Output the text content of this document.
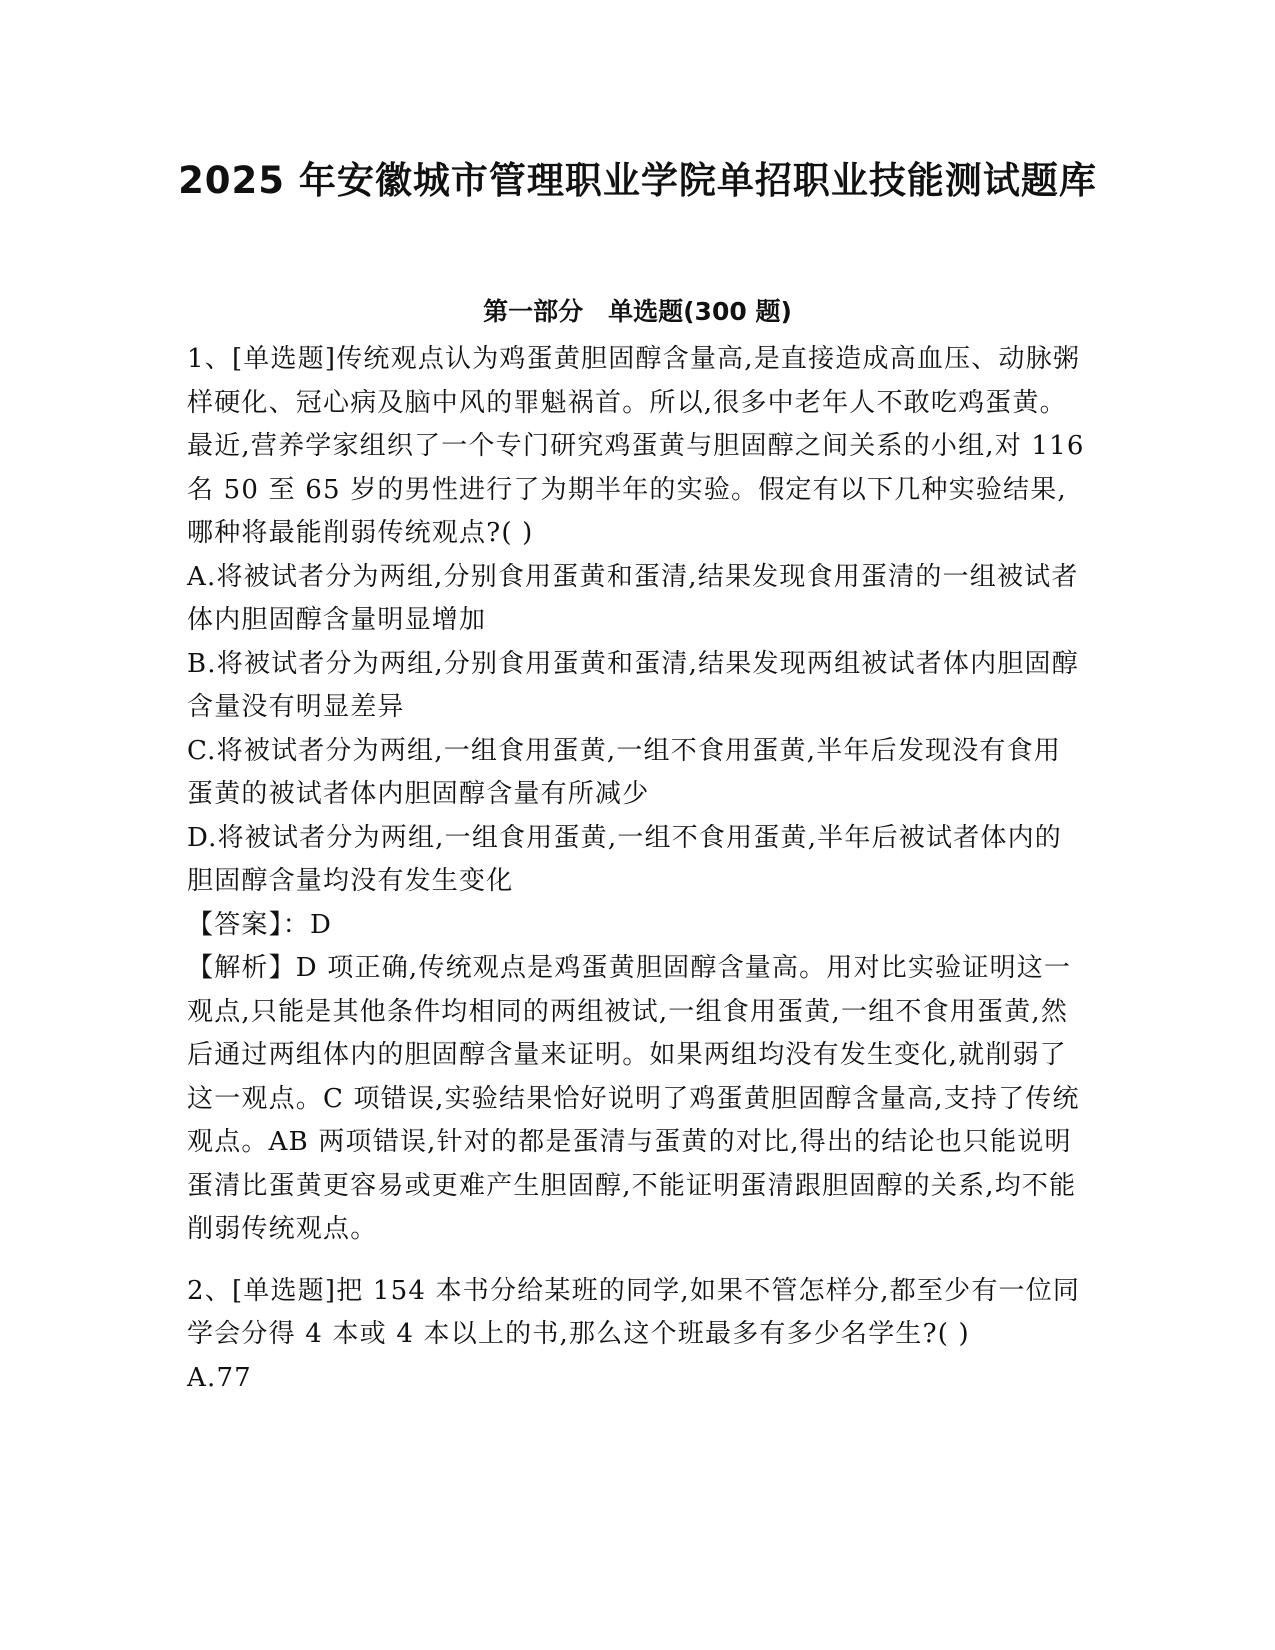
2025 年安徽城市管理职业学院单招职业技能测试题库
第一部分　单选题(300 题)

1、[单选题]传统观点认为鸡蛋黄胆固醇含量高,是直接造成高血压、动脉粥样硬化、冠心病及脑中风的罪魁祸首。所以,很多中老年人不敢吃鸡蛋黄。最近,营养学家组织了一个专门研究鸡蛋黄与胆固醇之间关系的小组,对 116 名 50 至 65 岁的男性进行了为期半年的实验。假定有以下几种实验结果,哪种将最能削弱传统观点?( )

A.将被试者分为两组,分别食用蛋黄和蛋清,结果发现食用蛋清的一组被试者体内胆固醇含量明显增加

B.将被试者分为两组,分别食用蛋黄和蛋清,结果发现两组被试者体内胆固醇含量没有明显差异

C.将被试者分为两组,一组食用蛋黄,一组不食用蛋黄,半年后发现没有食用蛋黄的被试者体内胆固醇含量有所减少

D.将被试者分为两组,一组食用蛋黄,一组不食用蛋黄,半年后被试者体内的胆固醇含量均没有发生变化

【答案】：D

【解析】D 项正确,传统观点是鸡蛋黄胆固醇含量高。用对比实验证明这一观点,只能是其他条件均相同的两组被试,一组食用蛋黄,一组不食用蛋黄,然后通过两组体内的胆固醇含量来证明。如果两组均没有发生变化,就削弱了这一观点。C 项错误,实验结果恰好说明了鸡蛋黄胆固醇含量高,支持了传统观点。AB 两项错误,针对的都是蛋清与蛋黄的对比,得出的结论也只能说明蛋清比蛋黄更容易或更难产生胆固醇,不能证明蛋清跟胆固醇的关系,均不能削弱传统观点。

2、[单选题]把 154 本书分给某班的同学,如果不管怎样分,都至少有一位同学会分得 4 本或 4 本以上的书,那么这个班最多有多少名学生?( )

A.77
